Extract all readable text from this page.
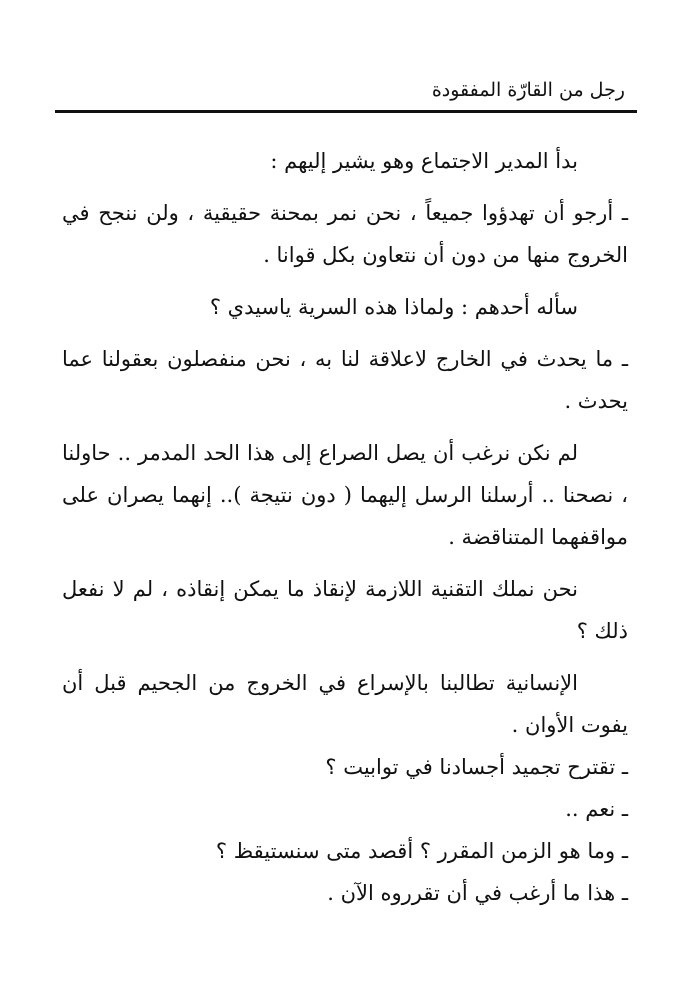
رجل من القارّة المفقودة

بدأ المدير الاجتماع وهو يشير إليهم :

ـ أرجو أن تهدؤوا جميعاً ، نحن نمر بمحنة حقيقية ، ولن ننجح في الخروج منها من دون أن نتعاون بكل قوانا .

سأله أحدهم : ولماذا هذه السرية ياسيدي ؟

ـ ما يحدث في الخارج لاعلاقة لنا به ، نحن منفصلون بعقولنا عما يحدث .

لم نكن نرغب أن يصل الصراع إلى هذا الحد المدمر .. حاولنا ، نصحنا .. أرسلنا الرسل إليهما ( دون نتيجة ).. إنهما يصران على مواقفهما المتناقضة .

نحن نملك التقنية اللازمة لإنقاذ ما يمكن إنقاذه ، لم لا نفعل ذلك ؟

الإنسانية تطالبنا بالإسراع في الخروج من الجحيم قبل أن يفوت الأوان .

ـ تقترح تجميد أجسادنا في توابيت ؟

ـ نعم ..

ـ وما هو الزمن المقرر ؟ أقصد متى سنستيقظ ؟

ـ هذا ما أرغب في أن تقرروه الآن .
